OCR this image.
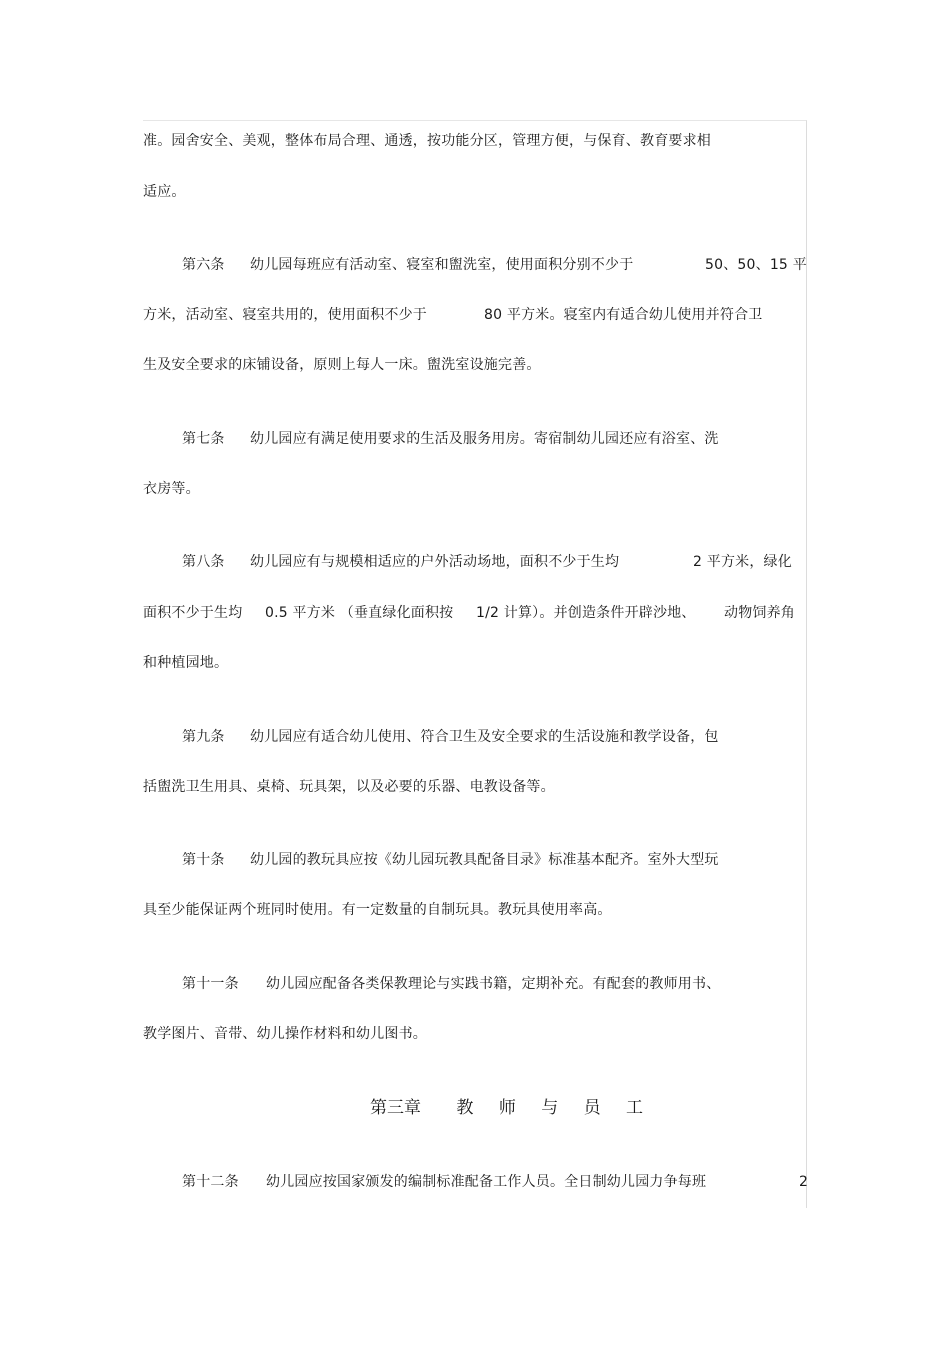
准。园舍安全、美观，整体布局合理、通透，按功能分区，管理方便，与保育、教育要求相
适应。
第六条 幼儿园每班应有活动室、寝室和盥洗室，使用面积分别不少于	50、50、15 平
方米，活动室、寝室共用的，使用面积不少于	80 平方米。寝室内有适合幼儿使用并符合卫
生及安全要求的床铺设备，原则上每人一床。盥洗室设施完善。
第七条 幼儿园应有满足使用要求的生活及服务用房。寄宿制幼儿园还应有浴室、洗
衣房等。
第八条 幼儿园应有与规模相适应的户外活动场地，面积不少于生均	2 平方米，绿化
面积不少于生均 0.5 平方米 （垂直绿化面积按 1/2 计算）。并创造条件开辟沙地、 动物饲养角
和种植园地。
第九条 幼儿园应有适合幼儿使用、符合卫生及安全要求的生活设施和教学设备，包
括盥洗卫生用具、桌椅、玩具架，以及必要的乐器、电教设备等。
第十条 幼儿园的教玩具应按《幼儿园玩教具配备目录》标准基本配齐。室外大型玩
具至少能保证两个班同时使用。有一定数量的自制玩具。教玩具使用率高。
第十一条 幼儿园应配备各类保教理论与实践书籍，定期补充。有配套的教师用书、
教学图片、音带、幼儿操作材料和幼儿图书。
第三章 教 师 与 员 工
第十二条 幼儿园应按国家颁发的编制标准配备工作人员。全日制幼儿园力争每班	2
